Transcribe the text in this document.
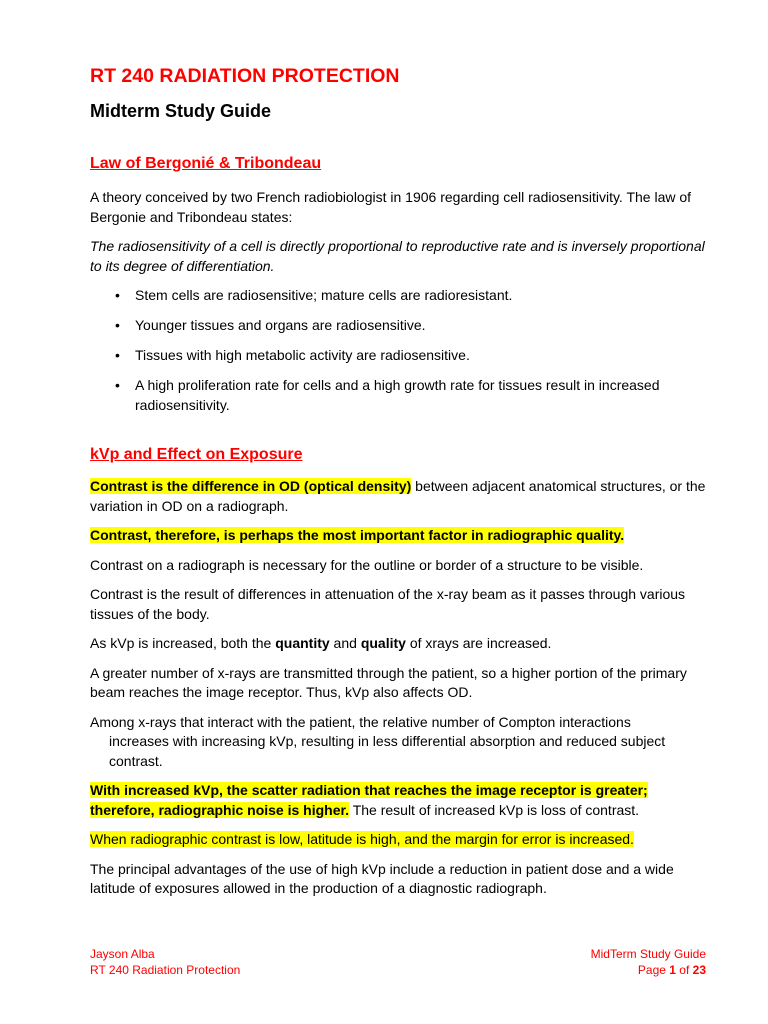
RT 240 RADIATION PROTECTION
Midterm Study Guide
Law of Bergonié & Tribondeau

A theory conceived by two French radiobiologist in 1906 regarding cell radiosensitivity. The law of Bergonie and Tribondeau states:

The radiosensitivity of a cell is directly proportional to reproductive rate and is inversely proportional to its degree of differentiation.

• Stem cells are radiosensitive; mature cells are radioresistant.
• Younger tissues and organs are radiosensitive.
• Tissues with high metabolic activity are radiosensitive.
• A high proliferation rate for cells and a high growth rate for tissues result in increased radiosensitivity.
kVp and Effect on Exposure

Contrast is the difference in OD (optical density) between adjacent anatomical structures, or the variation in OD on a radiograph.

Contrast, therefore, is perhaps the most important factor in radiographic quality.

Contrast on a radiograph is necessary for the outline or border of a structure to be visible.

Contrast is the result of differences in attenuation of the x-ray beam as it passes through various tissues of the body.

As kVp is increased, both the quantity and quality of xrays are increased.

A greater number of x-rays are transmitted through the patient, so a higher portion of the primary beam reaches the image receptor. Thus, kVp also affects OD.

Among x-rays that interact with the patient, the relative number of Compton interactions
increases with increasing kVp, resulting in less differential absorption and reduced subject contrast.

With increased kVp, the scatter radiation that reaches the image receptor is greater; therefore, radiographic noise is higher. The result of increased kVp is loss of contrast.

When radiographic contrast is low, latitude is high, and the margin for error is increased.

The principal advantages of the use of high kVp include a reduction in patient dose and a wide latitude of exposures allowed in the production of a diagnostic radiograph.

Jayson Alba
RT 240 Radiation Protection
MidTerm Study Guide
Page 1 of 23
